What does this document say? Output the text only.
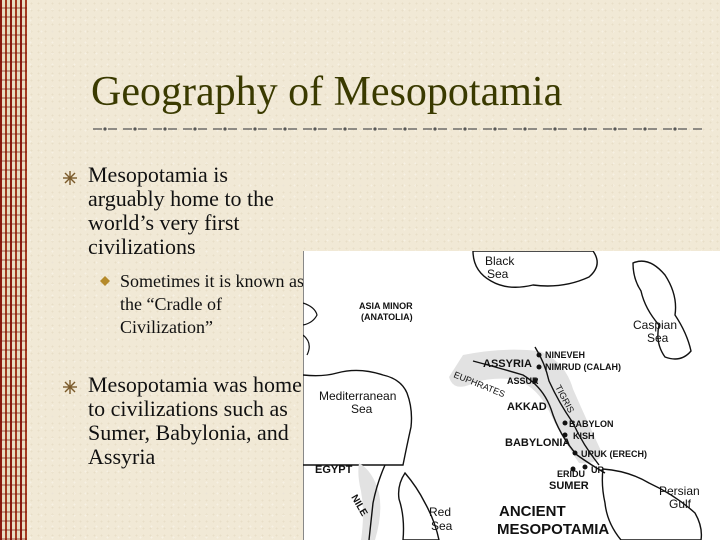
Geography of Mesopotamia
Mesopotamia is arguably home to the world’s very first civilizations
Sometimes it is known as the “Cradle of Civilization”
Mesopotamia was home to civilizations such as Sumer, Babylonia, and Assyria
Black
Sea
ASIA MINOR
(ANATOLIA)
Caspian
Sea
ASSYRIA
NINEVEH
NIMRUD (CALAH)
ASSUR
EUPHRATES	TIGRIS
Mediterranean
Sea	AKKAD
BABYLON
KISH
BABYLONIA
URUK (ERECH)
ERIDU UR
SUMER
EGYPT
NILE	Red
Sea
Persian
Gulf
ANCIENT
MESOPOTAMIA
